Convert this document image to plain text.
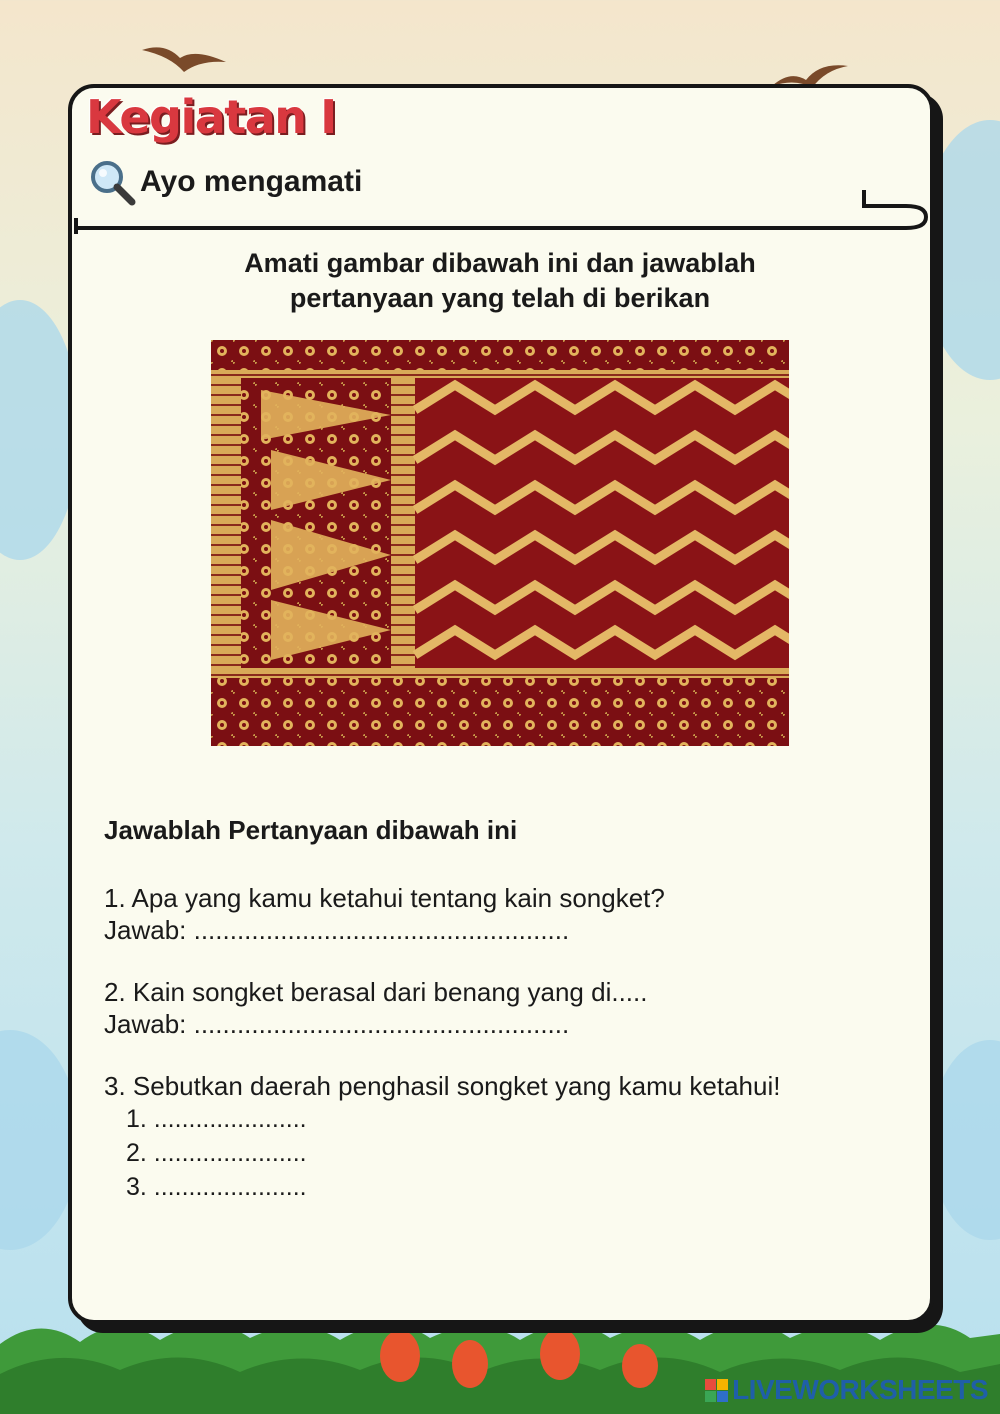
Kegiatan I
Ayo mengamati
Amati gambar dibawah ini dan jawablah
pertanyaan yang telah di berikan
Jawablah Pertanyaan dibawah ini
1. Apa yang kamu ketahui tentang kain songket?
Jawab: ....................................................
2. Kain songket berasal dari benang yang di.....
Jawab: ....................................................
3. Sebutkan daerah penghasil songket yang kamu ketahui!
1. ......................
2. ......................
3. ......................
LIVEWORKSHEETS
